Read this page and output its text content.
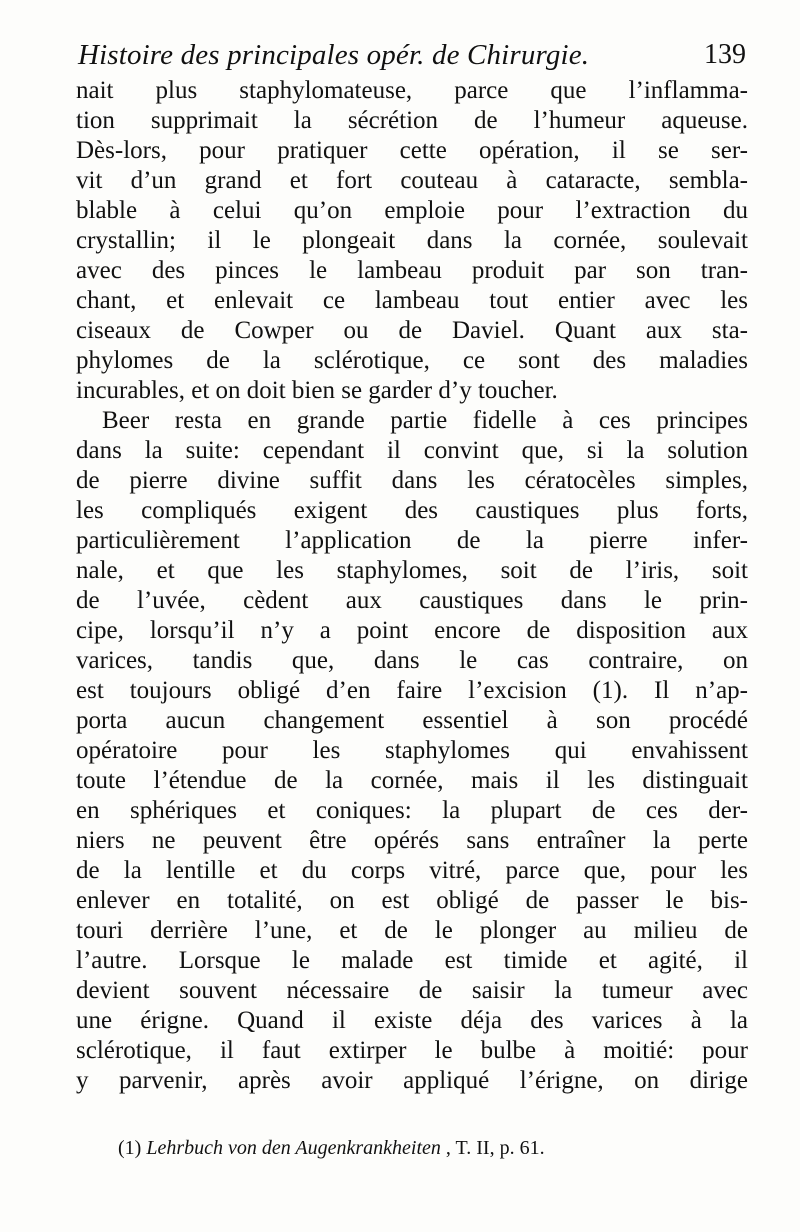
Histoire des principales opér. de Chirurgie.	139
nait plus staphylomateuse, parce que l’inflamma-
tion supprimait la sécrétion de l’humeur aqueuse.
Dès-lors, pour pratiquer cette opération, il se ser-
vit d’un grand et fort couteau à cataracte, sembla-
blable à celui qu’on emploie pour l’extraction du
crystallin; il le plongeait dans la cornée, soulevait
avec des pinces le lambeau produit par son tran-
chant, et enlevait ce lambeau tout entier avec les
ciseaux de Cowper ou de Daviel. Quant aux sta-
phylomes de la sclérotique, ce sont des maladies
incurables, et on doit bien se garder d’y toucher.
Beer resta en grande partie fidelle à ces principes
dans la suite: cependant il convint que, si la solution
de pierre divine suffit dans les cératocèles simples,
les compliqués exigent des caustiques plus forts,
particulièrement l’application de la pierre infer-
nale, et que les staphylomes, soit de l’iris, soit
de l’uvée, cèdent aux caustiques dans le prin-
cipe, lorsqu’il n’y a point encore de disposition aux
varices, tandis que, dans le cas contraire, on
est toujours obligé d’en faire l’excision (1). Il n’ap-
porta aucun changement essentiel à son procédé
opératoire pour les staphylomes qui envahissent
toute l’étendue de la cornée, mais il les distinguait
en sphériques et coniques: la plupart de ces der-
niers ne peuvent être opérés sans entraîner la perte
de la lentille et du corps vitré, parce que, pour les
enlever en totalité, on est obligé de passer le bis-
touri derrière l’une, et de le plonger au milieu de
l’autre. Lorsque le malade est timide et agité, il
devient souvent nécessaire de saisir la tumeur avec
une érigne. Quand il existe déja des varices à la
sclérotique, il faut extirper le bulbe à moitié: pour
y parvenir, après avoir appliqué l’érigne, on dirige
(1) Lehrbuch von den Augenkrankheiten , T. II, p. 61.
